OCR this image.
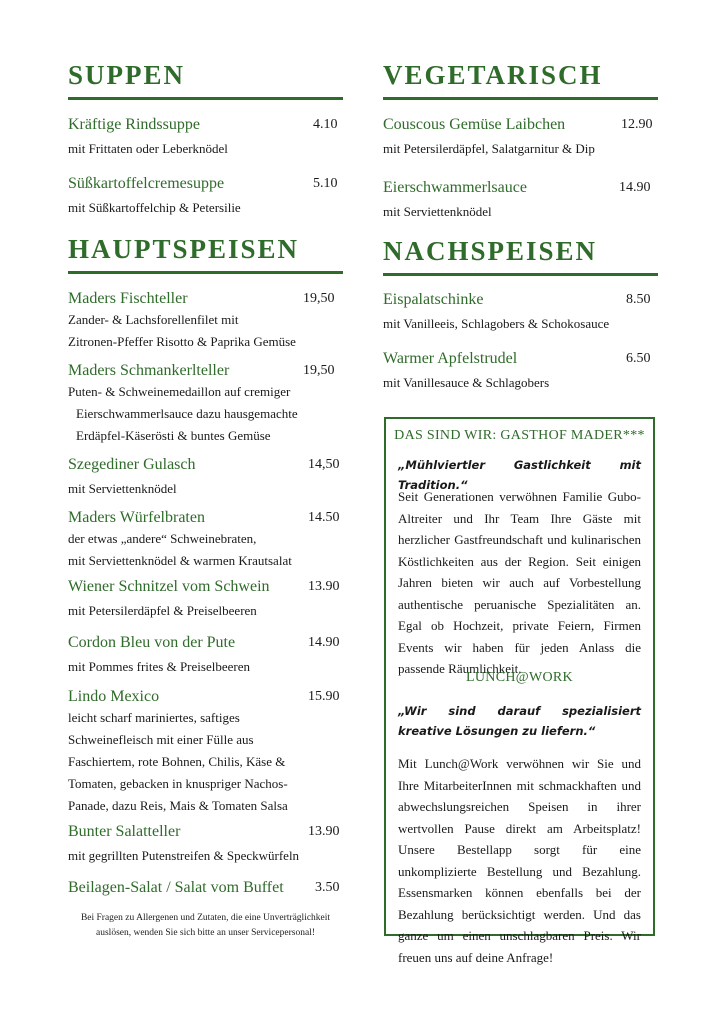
SUPPEN
Kräftige Rindssuppe	4.10
mit Frittaten oder Leberknödel
Süßkartoffelcremesuppe	5.10
mit Süßkartoffelchip & Petersilie
HAUPTSPEISEN
Maders Fischteller	19,50
Zander- & Lachsforellenfilet mit
Zitronen-Pfeffer Risotto & Paprika Gemüse
Maders Schmankerlteller	19,50
Puten- & Schweinemedaillon auf cremiger
Eierschwammerlsauce dazu hausgemachte
Erdäpfel-Käserösti & buntes Gemüse
Szegediner Gulasch	14,50
mit Serviettenknödel
Maders Würfelbraten	14.50
der etwas „andere“ Schweinebraten,
mit Serviettenknödel & warmen Krautsalat
Wiener Schnitzel vom Schwein	13.90
mit Petersilerdäpfel & Preiselbeeren
Cordon Bleu von der Pute	14.90
mit Pommes frites & Preiselbeeren
Lindo Mexico	15.90
leicht scharf mariniertes, saftiges
Schweinefleisch mit einer Fülle aus
Faschiertem, rote Bohnen, Chilis, Käse &
Tomaten, gebacken in knuspriger Nachos-
Panade, dazu Reis, Mais & Tomaten Salsa
Bunter Salatteller	13.90
mit gegrillten Putenstreifen & Speckwürfeln
Beilagen-Salat / Salat vom Buffet	3.50
Bei Fragen zu Allergenen und Zutaten, die eine Unverträglichkeit
auslösen, wenden Sie sich bitte an unser Servicepersonal!
VEGETARISCH
Couscous Gemüse Laibchen	12.90
mit Petersilerdäpfel, Salatgarnitur & Dip
Eierschwammerlsauce	14.90
mit Serviettenknödel
NACHSPEISEN
Eispalatschinke	8.50
mit Vanilleeis, Schlagobers & Schokosauce
Warmer Apfelstrudel	6.50
mit Vanillesauce & Schlagobers
DAS SIND WIR: GASTHOF MADER***
„Mühlviertler Gastlichkeit mit Tradition.“
Seit Generationen verwöhnen Familie Gubo-Altreiter und Ihr Team Ihre Gäste mit herzlicher Gastfreundschaft und kulinarischen Köstlichkeiten aus der Region. Seit einigen Jahren bieten wir auch auf Vorbestellung authentische peruanische Spezialitäten an. Egal ob Hochzeit, private Feiern, Firmen Events wir haben für jeden Anlass die passende Räumlichkeit.
LUNCH@WORK
„Wir sind darauf spezialisiert kreative Lösungen zu liefern.“
Mit Lunch@Work verwöhnen wir Sie und Ihre MitarbeiterInnen mit schmackhaften und abwechslungsreichen Speisen in ihrer wertvollen Pause direkt am Arbeitsplatz! Unsere Bestellapp sorgt für eine unkomplizierte Bestellung und Bezahlung. Essensmarken können ebenfalls bei der Bezahlung berücksichtigt werden. Und das ganze um einen unschlagbaren Preis. Wir freuen uns auf deine Anfrage!
